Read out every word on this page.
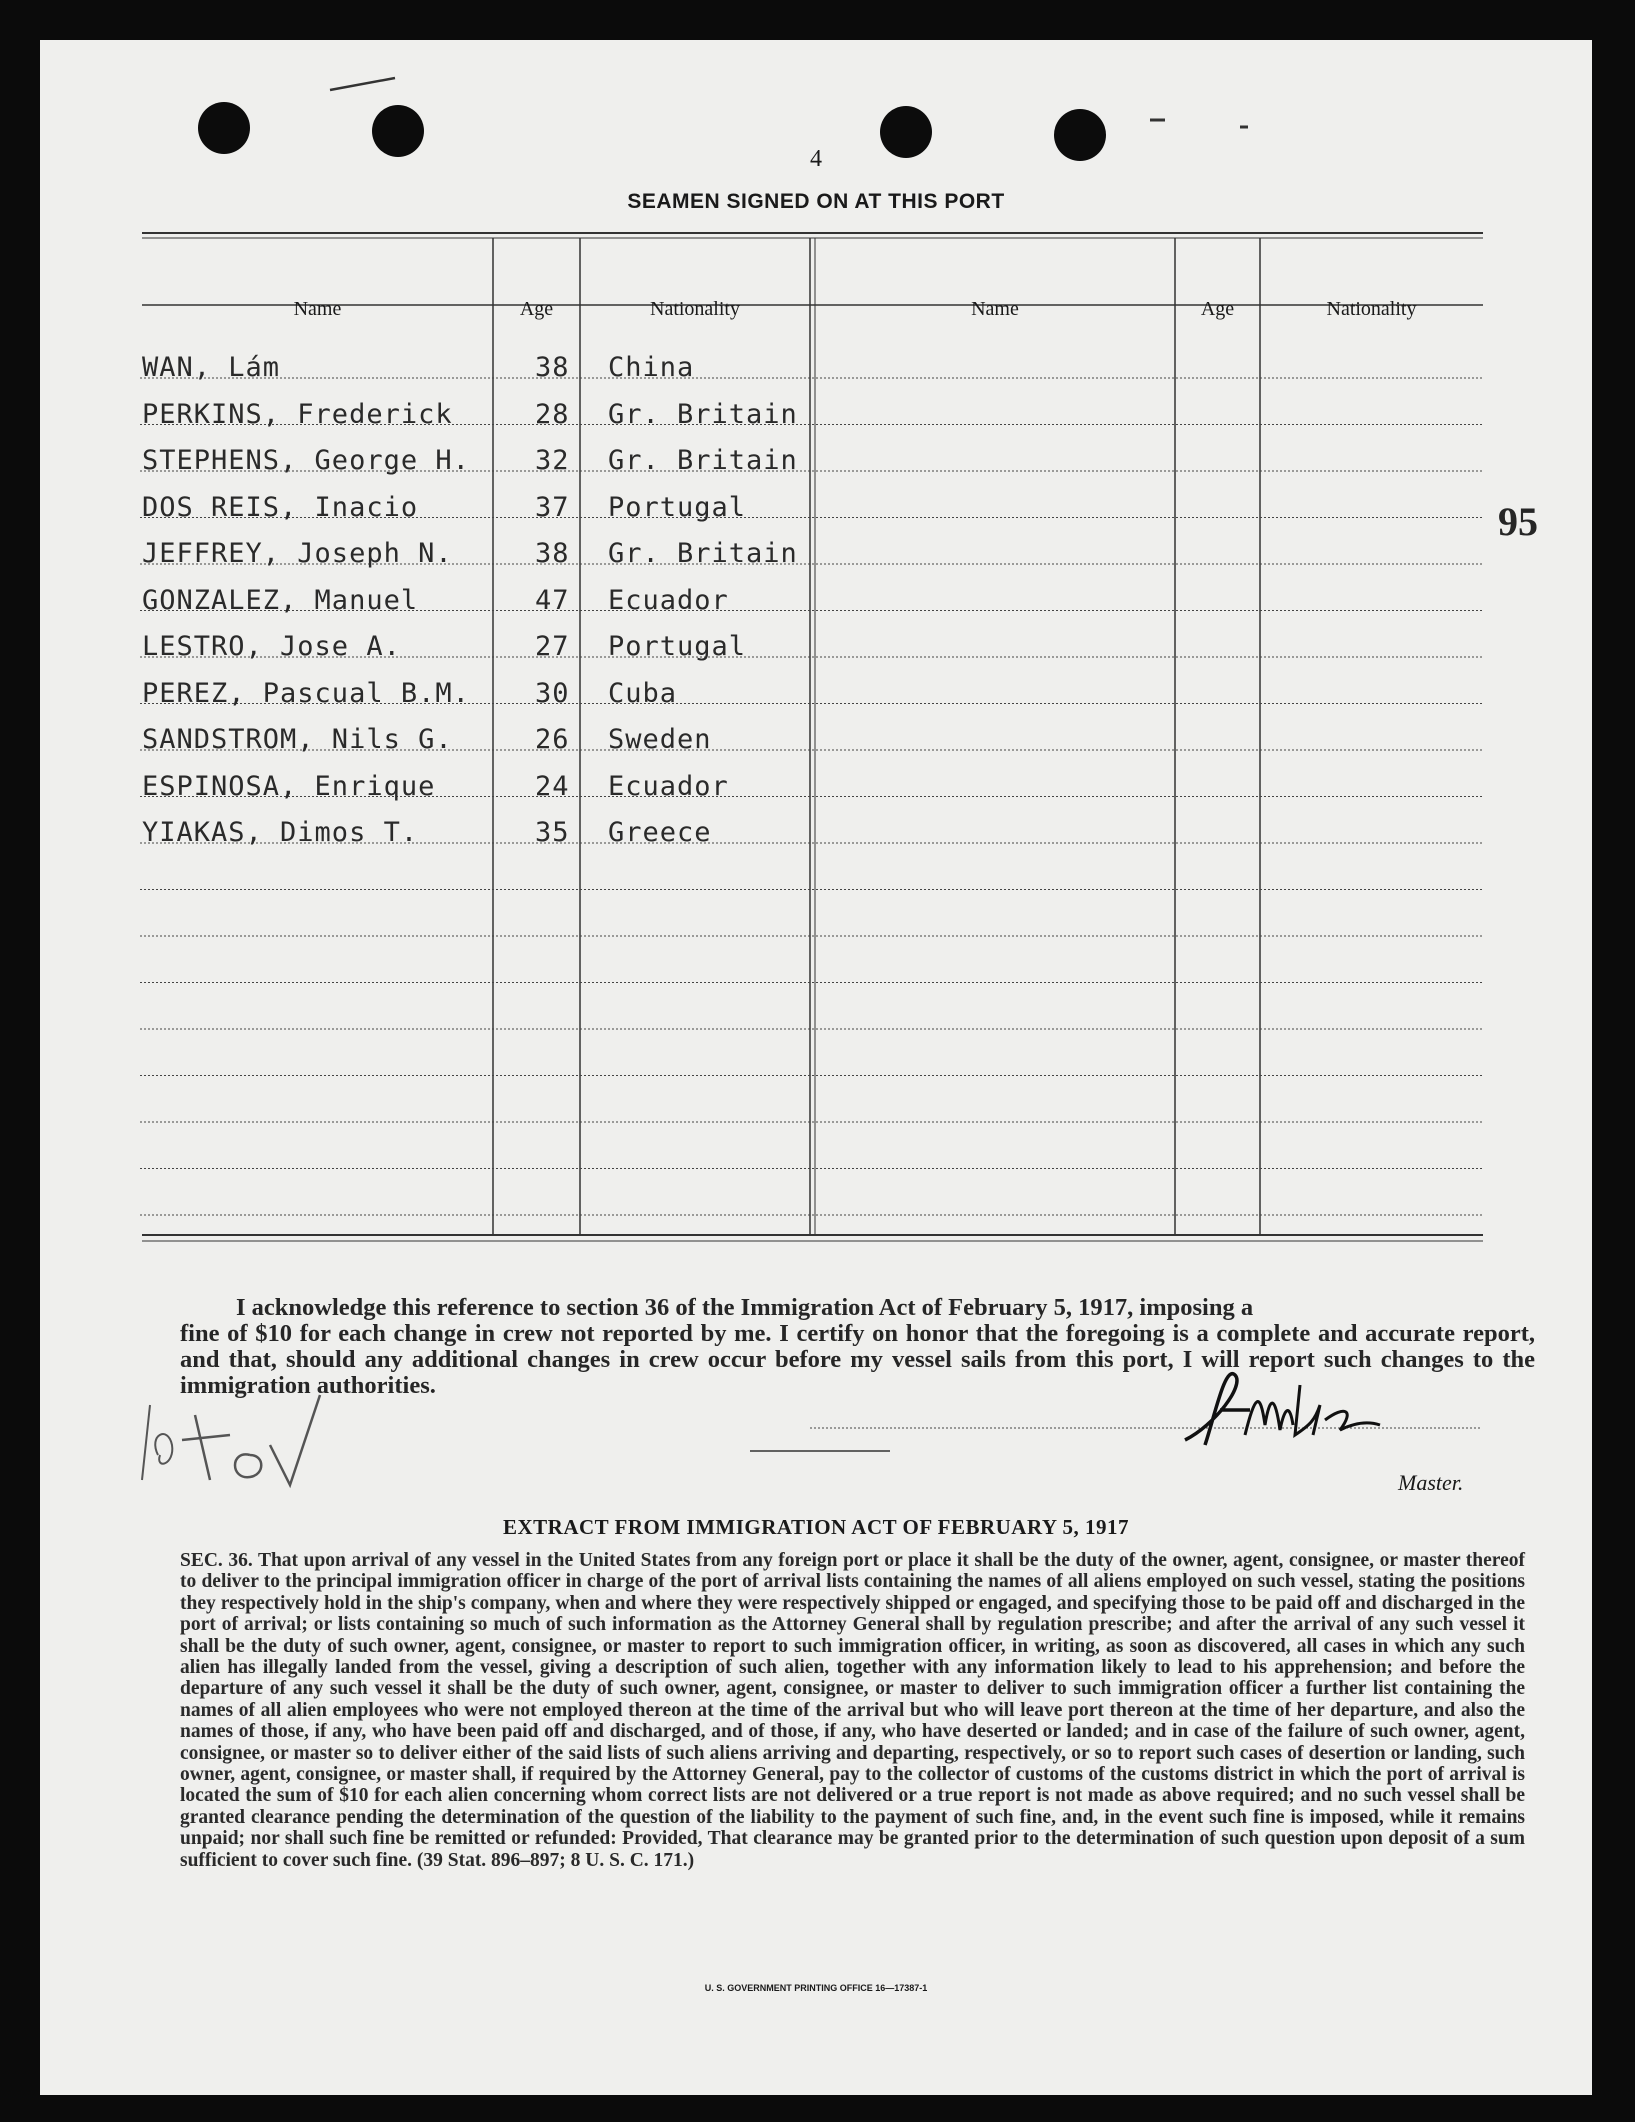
4
SEAMEN SIGNED ON AT THIS PORT
Name	Age	Nationality	Name	Age	Nationality
WAN, Lám	38 China
PERKINS, Frederick	28 Gr. Britain
STEPHENS, George H. 32 Gr. Britain
DOS REIS, Inacio	37 Portugal
JEFFREY, Joseph N.	38 Gr. Britain
GONZALEZ, Manuel	47 Ecuador
LESTRO, Jose A.	27 Portugal
PEREZ, Pascual B.M. 30 Cuba
SANDSTROM, Nils G.	26 Sweden
ESPINOSA, Enrique	24 Ecuador
YIAKAS, Dimos T.	35 Greece
95
I acknowledge this reference to section 36 of the Immigration Act of February 5, 1917, imposing a
fine of $10 for each change in crew not reported by me. I certify on honor that the foregoing is a complete and accurate report, and that, should any additional changes in crew occur before my vessel sails from this port, I will report such changes to the immigration authorities.
Master.
EXTRACT FROM IMMIGRATION ACT OF FEBRUARY 5, 1917
SEC. 36. That upon arrival of any vessel in the United States from any foreign port or place it shall be the duty of the owner, agent, consignee, or master thereof to deliver to the principal immigration officer in charge of the port of arrival lists containing the names of all aliens employed on such vessel, stating the positions they respectively hold in the ship's company, when and where they were respectively shipped or engaged, and specifying those to be paid off and discharged in the port of arrival; or lists containing so much of such information as the Attorney General shall by regulation prescribe; and after the arrival of any such vessel it shall be the duty of such owner, agent, consignee, or master to report to such immigration officer, in writing, as soon as discovered, all cases in which any such alien has illegally landed from the vessel, giving a description of such alien, together with any information likely to lead to his apprehension; and before the departure of any such vessel it shall be the duty of such owner, agent, consignee, or master to deliver to such immigration officer a further list containing the names of all alien employees who were not employed thereon at the time of the arrival but who will leave port thereon at the time of her departure, and also the names of those, if any, who have been paid off and discharged, and of those, if any, who have deserted or landed; and in case of the failure of such owner, agent, consignee, or master so to deliver either of the said lists of such aliens arriving and departing, respectively, or so to report such cases of desertion or landing, such owner, agent, consignee, or master shall, if required by the Attorney General, pay to the collector of customs of the customs district in which the port of arrival is located the sum of $10 for each alien concerning whom correct lists are not delivered or a true report is not made as above required; and no such vessel shall be granted clearance pending the determination of the question of the liability to the payment of such fine, and, in the event such fine is imposed, while it remains unpaid; nor shall such fine be remitted or refunded: Provided, That clearance may be granted prior to the determination of such question upon deposit of a sum sufficient to cover such fine. (39 Stat. 896–897; 8 U. S. C. 171.)
U. S. GOVERNMENT PRINTING OFFICE 16—17387-1
